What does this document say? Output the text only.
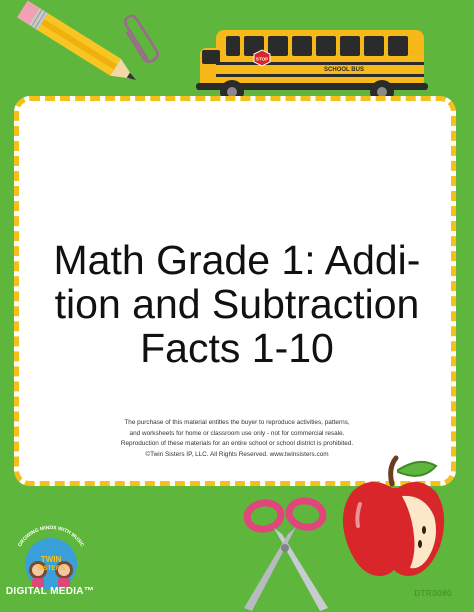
STOP
SCHOOL BUS
Math Grade 1: Addi-
tion and Subtraction
Facts 1-10
The purchase of this material entitles the buyer to reproduce activities, patterns,
and worksheets for home or classroom use only - not for commercial resale.
Reproduction of these materials for an entire school or school district is prohibited.
©Twin Sisters IP, LLC. All Rights Reserved. www.twinsisters.com
GROWING MINDS WITH MUSIC
TWIN
SISTERS
DIGITAL MEDIA™	DTR0080
